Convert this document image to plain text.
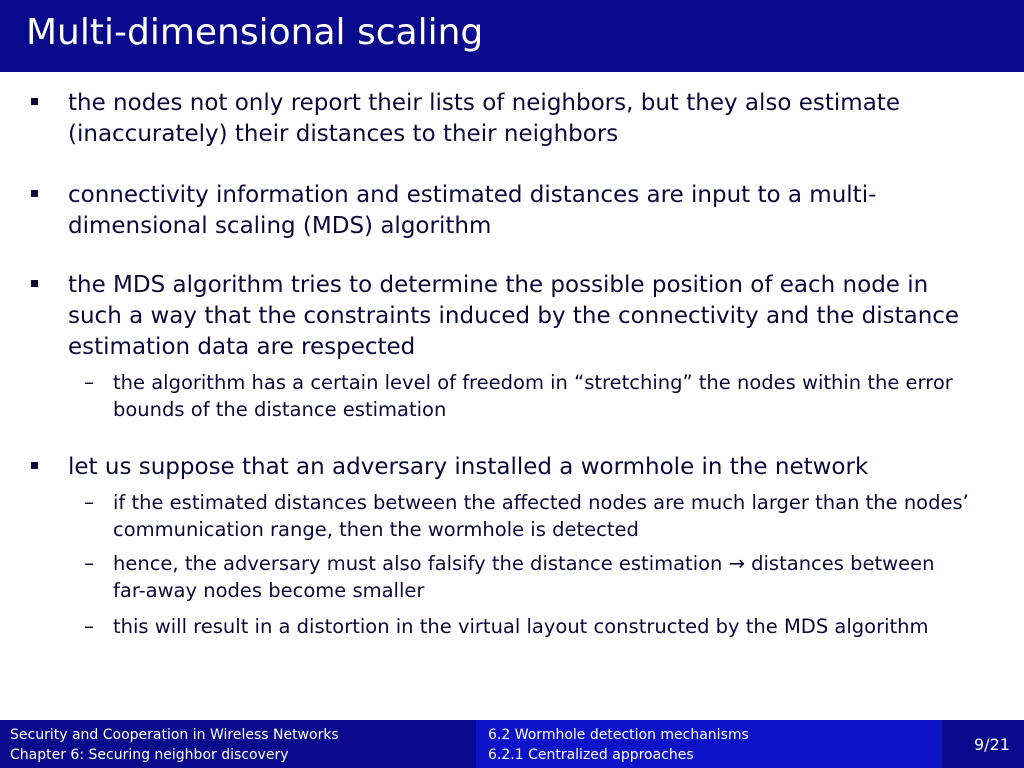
Multi-dimensional scaling
the nodes not only report their lists of neighbors, but they also estimate (inaccurately) their distances to their neighbors
connectivity information and estimated distances are input to a multi-dimensional scaling (MDS) algorithm
the MDS algorithm tries to determine the possible position of each node in such a way that the constraints induced by the connectivity and the distance estimation data are respected
– the algorithm has a certain level of freedom in “stretching” the nodes within the error bounds of the distance estimation
let us suppose that an adversary installed a wormhole in the network
– if the estimated distances between the affected nodes are much larger than the nodes’ communication range, then the wormhole is detected
– hence, the adversary must also falsify the distance estimation → distances between far-away nodes become smaller
– this will result in a distortion in the virtual layout constructed by the MDS algorithm
Security and Cooperation in Wireless Networks
Chapter 6: Securing neighbor discovery
6.2 Wormhole detection mechanisms
6.2.1 Centralized approaches
9/21
